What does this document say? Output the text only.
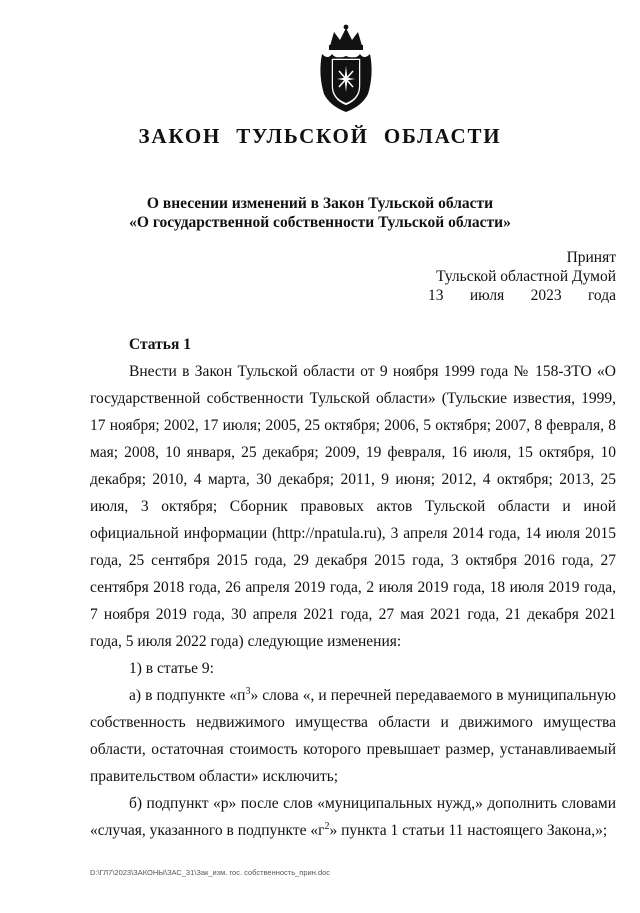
ЗАКОН ТУЛЬСКОЙ ОБЛАСТИ
О внесении изменений в Закон Тульской области
«О государственной собственности Тульской области»
Принят
Тульской областной Думой
13 июля 2023 года
Статья 1

Внести в Закон Тульской области от 9 ноября 1999 года № 158-ЗТО «О государственной собственности Тульской области» (Тульские известия, 1999, 17 ноября; 2002, 17 июля; 2005, 25 октября; 2006, 5 октября; 2007, 8 февраля, 8 мая; 2008, 10 января, 25 декабря; 2009, 19 февраля, 16 июля, 15 октября, 10 декабря; 2010, 4 марта, 30 декабря; 2011, 9 июня; 2012, 4 октября; 2013, 25 июля, 3 октября; Сборник правовых актов Тульской области и иной официальной информации (http://npatula.ru), 3 апреля 2014 года, 14 июля 2015 года, 25 сентября 2015 года, 29 декабря 2015 года, 3 октября 2016 года, 27 сентября 2018 года, 26 апреля 2019 года, 2 июля 2019 года, 18 июля 2019 года, 7 ноября 2019 года, 30 апреля 2021 года, 27 мая 2021 года, 21 декабря 2021 года, 5 июля 2022 года) следующие изменения:

1) в статье 9:

а) в подпункте «$п^3$» слова «, и перечней передаваемого в муниципальную собственность недвижимого имущества области и движимого имущества области, остаточная стоимость которого превышает размер, устанавливаемый правительством области» исключить;

б) подпункт «р» после слов «муниципальных нужд,» дополнить словами «случая, указанного в подпункте «$г^2$» пункта 1 статьи 11 настоящего Закона,»;

D:\ГЛ7\2023\ЗАКОНЫ\ЗАС_31\Зак_изм. гос. собственность_прин.doc
